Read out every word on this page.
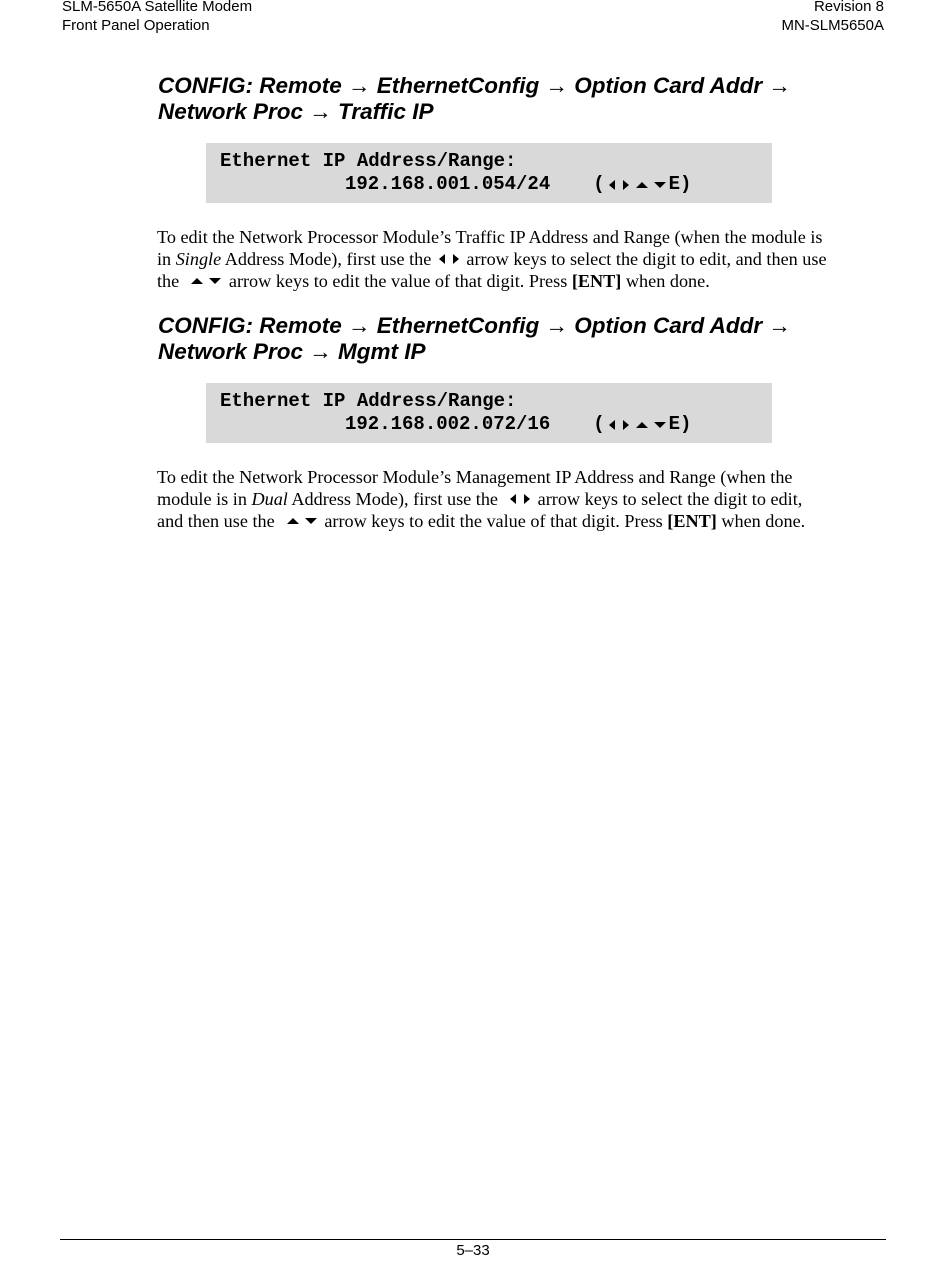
SLM-5650A Satellite Modem
Front Panel Operation
Revision 8
MN-SLM5650A
CONFIG: Remote → EthernetConfig → Option Card Addr →
Network Proc → Traffic IP
Ethernet IP Address/Range:
192.168.001.054/24 (	E)

To edit the Network Processor Module’s Traffic IP Address and Range (when the module is
in Single Address Mode), first use the arrow keys to select the digit to edit, and then use
the	arrow keys to edit the value of that digit. Press [ENT] when done.

CONFIG: Remote → EthernetConfig → Option Card Addr →
Network Proc → Mgmt IP
Ethernet IP Address/Range:
192.168.002.072/16 (	E)

To edit the Network Processor Module’s Management IP Address and Range (when the
module is in Dual Address Mode), first use the arrow keys to select the digit to edit,
and then use the	arrow keys to edit the value of that digit. Press [ENT] when done.

5–33
